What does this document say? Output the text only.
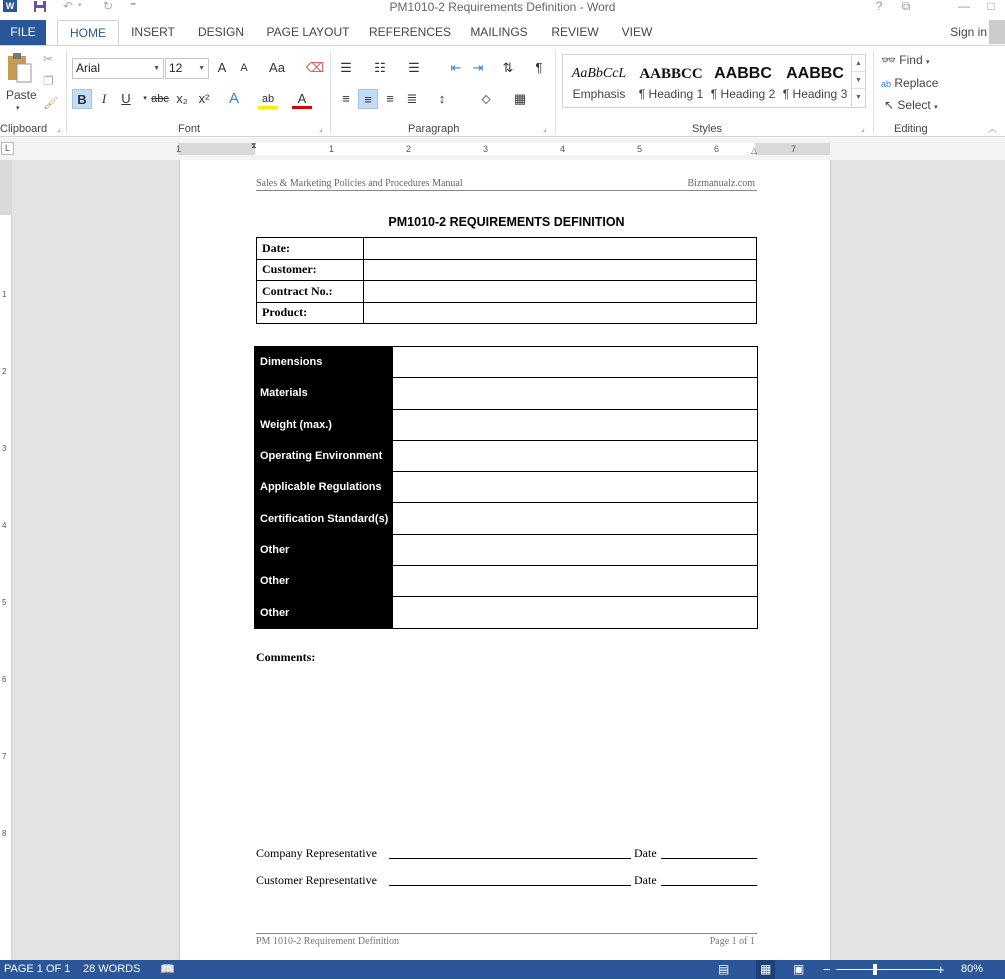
W	↶ ▾ ↻ ⁼	PM1010-2 Requirements Definition - Word	?	⧉	—	□
FILE	HOME	INSERT	DESIGN	PAGE LAYOUT	REFERENCES	MAILINGS	REVIEW	VIEW	Sign in
Paste
▾
✂
❐
🖌
Clipboard ⌟
Arial	▼ 12 ▼ A	A	Aa	⌫
B	I	U	▾ abc x₂ x²	A	ab	A
Font	⌟
☰	☷	☰	⇤ ⇥	⇅	¶
≡	≡	≡ ≣	↕	⬦	▦
Paragraph	⌟
AaBbCcL
Emphasis
AABBCC
¶ Heading 1
AABBC
¶ Heading 2
AABBC
¶ Heading 3
▲
▼
▼
Styles	⌟
👓 Find ▾
ab Replace
↖ Select ▾
Editing	︿
L	1	1	2	3	4	5	6	7
⧗
△
1
2
3
4
5
6
7
8
Sales & Marketing Policies and Procedures Manual	Bizmanualz.com
PM1010-2 REQUIREMENTS DEFINITION
Date:	
Customer:	
Contract No.:	
Product:	
Dimensions	
Materials	
Weight (max.)	
Operating Environment	
Applicable Regulations	
Certification Standard(s)	
Other	
Other	
Other	
Comments:
Company Representative	Date
Customer Representative	Date
PM 1010-2 Requirement Definition	Page 1 of 1
PAGE 1 OF 1 28 WORDS 📖	▤	▦	▣ −	+ 80%
